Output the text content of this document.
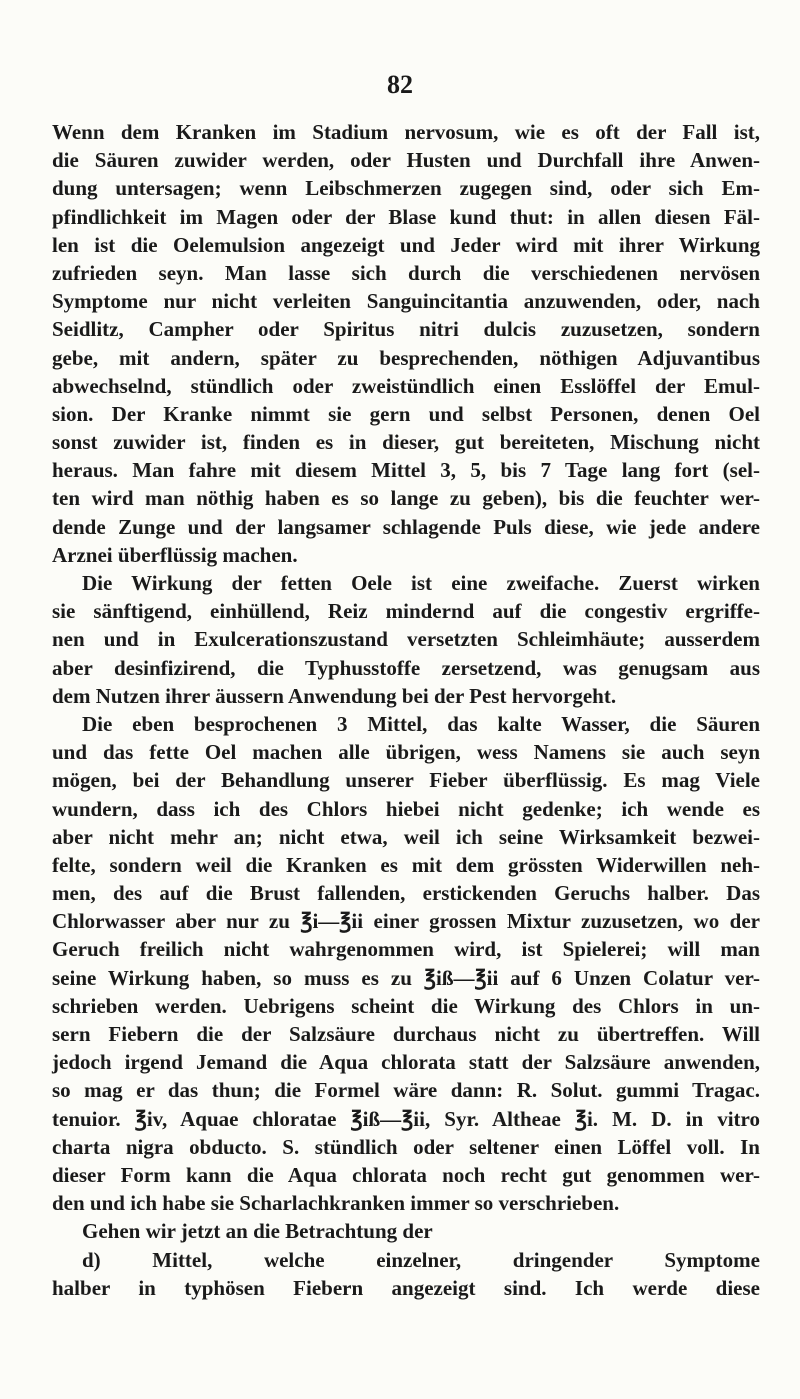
82
Wenn dem Kranken im Stadium nervosum, wie es oft der Fall ist,
die Säuren zuwider werden, oder Husten und Durchfall ihre Anwen-
dung untersagen; wenn Leibschmerzen zugegen sind, oder sich Em-
pfindlichkeit im Magen oder der Blase kund thut: in allen diesen Fäl-
len ist die Oelemulsion angezeigt und Jeder wird mit ihrer Wirkung
zufrieden seyn. Man lasse sich durch die verschiedenen nervösen
Symptome nur nicht verleiten Sanguincitantia anzuwenden, oder, nach
Seidlitz, Campher oder Spiritus nitri dulcis zuzusetzen, sondern
gebe, mit andern, später zu besprechenden, nöthigen Adjuvantibus
abwechselnd, stündlich oder zweistündlich einen Esslöffel der Emul-
sion. Der Kranke nimmt sie gern und selbst Personen, denen Oel
sonst zuwider ist, finden es in dieser, gut bereiteten, Mischung nicht
heraus. Man fahre mit diesem Mittel 3, 5, bis 7 Tage lang fort (sel-
ten wird man nöthig haben es so lange zu geben), bis die feuchter wer-
dende Zunge und der langsamer schlagende Puls diese, wie jede andere
Arznei überflüssig machen.
Die Wirkung der fetten Oele ist eine zweifache. Zuerst wirken
sie sänftigend, einhüllend, Reiz mindernd auf die congestiv ergriffe-
nen und in Exulcerationszustand versetzten Schleimhäute; ausserdem
aber desinfizirend, die Typhusstoffe zersetzend, was genugsam aus
dem Nutzen ihrer äussern Anwendung bei der Pest hervorgeht.
Die eben besprochenen 3 Mittel, das kalte Wasser, die Säuren
und das fette Oel machen alle übrigen, wess Namens sie auch seyn
mögen, bei der Behandlung unserer Fieber überflüssig. Es mag Viele
wundern, dass ich des Chlors hiebei nicht gedenke; ich wende es
aber nicht mehr an; nicht etwa, weil ich seine Wirksamkeit bezwei-
felte, sondern weil die Kranken es mit dem grössten Widerwillen neh-
men, des auf die Brust fallenden, erstickenden Geruchs halber. Das
Chlorwasser aber nur zu ℥i—℥ii einer grossen Mixtur zuzusetzen, wo der
Geruch freilich nicht wahrgenommen wird, ist Spielerei; will man
seine Wirkung haben, so muss es zu ℥iß—℥ii auf 6 Unzen Colatur ver-
schrieben werden. Uebrigens scheint die Wirkung des Chlors in un-
sern Fiebern die der Salzsäure durchaus nicht zu übertreffen. Will
jedoch irgend Jemand die Aqua chlorata statt der Salzsäure anwenden,
so mag er das thun; die Formel wäre dann: R. Solut. gummi Tragac.
tenuior. ℥iv, Aquae chloratae ℥iß—℥ii, Syr. Altheae ℥i. M. D. in vitro
charta nigra obducto. S. stündlich oder seltener einen Löffel voll. In
dieser Form kann die Aqua chlorata noch recht gut genommen wer-
den und ich habe sie Scharlachkranken immer so verschrieben.
Gehen wir jetzt an die Betrachtung der
d) Mittel, welche einzelner, dringender Symptome
halber in typhösen Fiebern angezeigt sind. Ich werde diese
